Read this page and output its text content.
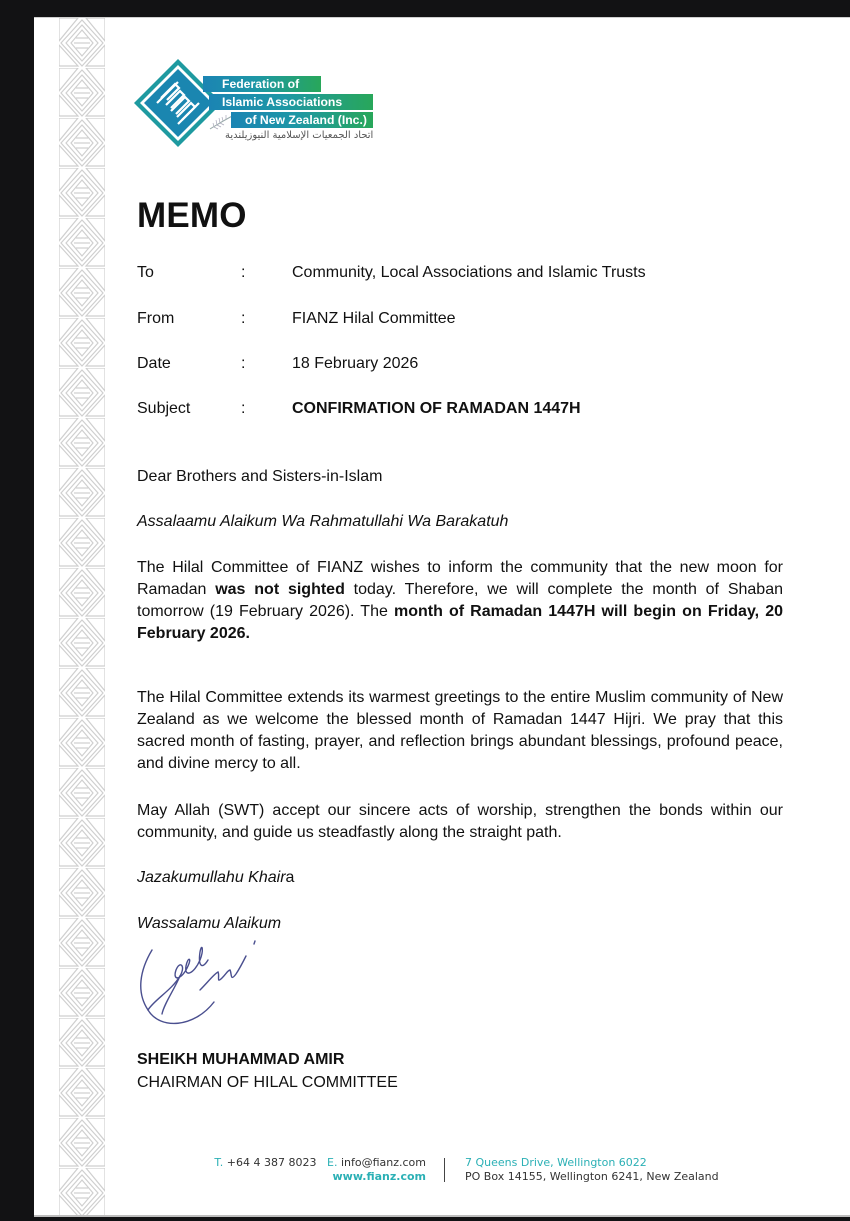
Federation of
Islamic Associations
of New Zealand (Inc.)
اتحاد الجمعيات الإسلامية النيوزيلندية
MEMO
To	:	Community, Local Associations and Islamic Trusts
From	:	FIANZ Hilal Committee
Date	:	18 February 2026
Subject	:	CONFIRMATION OF RAMADAN 1447H
Dear Brothers and Sisters-in-Islam
Assalaamu Alaikum Wa Rahmatullahi Wa Barakatuh
The Hilal Committee of FIANZ wishes to inform the community that the new moon for Ramadan was not sighted today. Therefore, we will complete the month of Shaban tomorrow (19 February 2026). The month of Ramadan 1447H will begin on Friday, 20 February 2026.
The Hilal Committee extends its warmest greetings to the entire Muslim community of New Zealand as we welcome the blessed month of Ramadan 1447 Hijri. We pray that this sacred month of fasting, prayer, and reflection brings abundant blessings, profound peace, and divine mercy to all.
May Allah (SWT) accept our sincere acts of worship, strengthen the bonds within our community, and guide us steadfastly along the straight path.
Jazakumullahu Khaira
Wassalamu Alaikum
SHEIKH MUHAMMAD AMIR
CHAIRMAN OF HILAL COMMITTEE
T. +64 4 387 8023 E. info@fianz.com
www.fianz.com
7 Queens Drive, Wellington 6022
PO Box 14155, Wellington 6241, New Zealand
